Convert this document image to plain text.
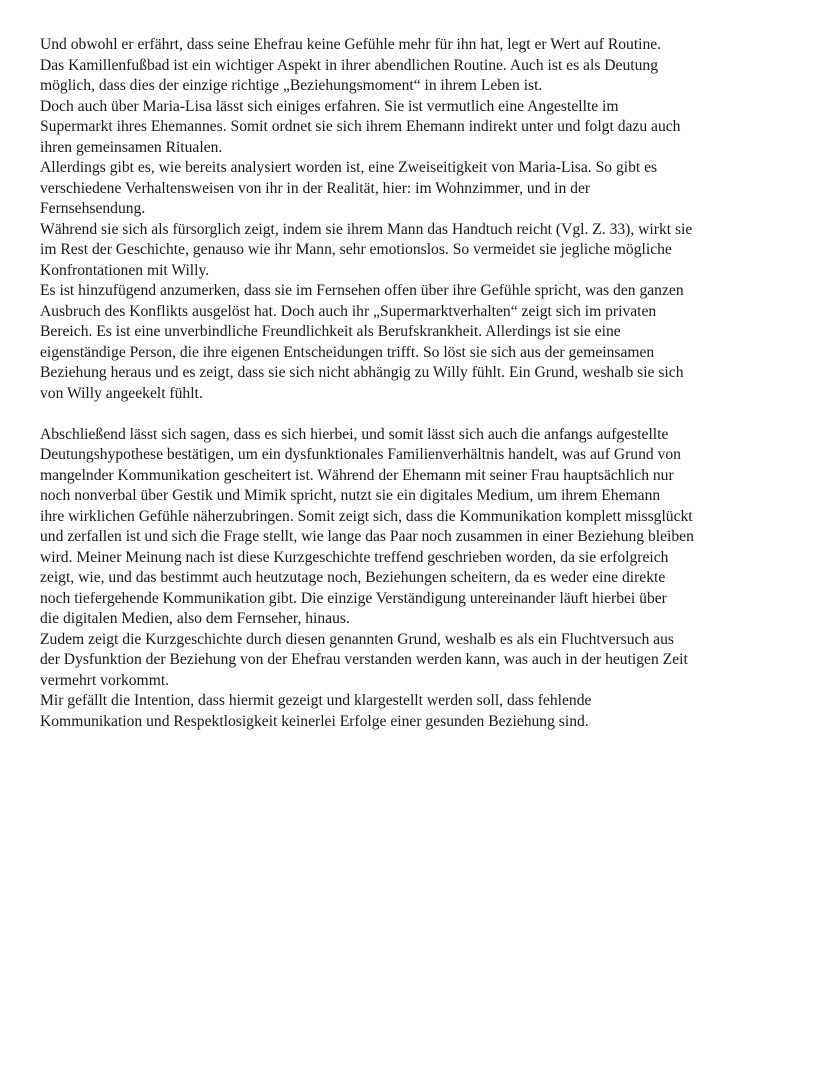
Und obwohl er erfährt, dass seine Ehefrau keine Gefühle mehr für ihn hat, legt er Wert auf Routine.
Das Kamillenfußbad ist ein wichtiger Aspekt in ihrer abendlichen Routine. Auch ist es als Deutung
möglich, dass dies der einzige richtige „Beziehungsmoment“ in ihrem Leben ist.
Doch auch über Maria-Lisa lässt sich einiges erfahren. Sie ist vermutlich eine Angestellte im
Supermarkt ihres Ehemannes. Somit ordnet sie sich ihrem Ehemann indirekt unter und folgt dazu auch
ihren gemeinsamen Ritualen.
Allerdings gibt es, wie bereits analysiert worden ist, eine Zweiseitigkeit von Maria-Lisa. So gibt es
verschiedene Verhaltensweisen von ihr in der Realität, hier: im Wohnzimmer, und in der
Fernsehsendung.
Während sie sich als fürsorglich zeigt, indem sie ihrem Mann das Handtuch reicht (Vgl. Z. 33), wirkt sie
im Rest der Geschichte, genauso wie ihr Mann, sehr emotionslos. So vermeidet sie jegliche mögliche
Konfrontationen mit Willy.
Es ist hinzufügend anzumerken, dass sie im Fernsehen offen über ihre Gefühle spricht, was den ganzen
Ausbruch des Konflikts ausgelöst hat. Doch auch ihr „Supermarktverhalten“ zeigt sich im privaten
Bereich. Es ist eine unverbindliche Freundlichkeit als Berufskrankheit. Allerdings ist sie eine
eigenständige Person, die ihre eigenen Entscheidungen trifft. So löst sie sich aus der gemeinsamen
Beziehung heraus und es zeigt, dass sie sich nicht abhängig zu Willy fühlt. Ein Grund, weshalb sie sich
von Willy angeekelt fühlt.
Abschließend lässt sich sagen, dass es sich hierbei, und somit lässt sich auch die anfangs aufgestellte
Deutungshypothese bestätigen, um ein dysfunktionales Familienverhältnis handelt, was auf Grund von
mangelnder Kommunikation gescheitert ist. Während der Ehemann mit seiner Frau hauptsächlich nur
noch nonverbal über Gestik und Mimik spricht, nutzt sie ein digitales Medium, um ihrem Ehemann
ihre wirklichen Gefühle näherzubringen. Somit zeigt sich, dass die Kommunikation komplett missglückt
und zerfallen ist und sich die Frage stellt, wie lange das Paar noch zusammen in einer Beziehung bleiben
wird. Meiner Meinung nach ist diese Kurzgeschichte treffend geschrieben worden, da sie erfolgreich
zeigt, wie, und das bestimmt auch heutzutage noch, Beziehungen scheitern, da es weder eine direkte
noch tiefergehende Kommunikation gibt. Die einzige Verständigung untereinander läuft hierbei über
die digitalen Medien, also dem Fernseher, hinaus.
Zudem zeigt die Kurzgeschichte durch diesen genannten Grund, weshalb es als ein Fluchtversuch aus
der Dysfunktion der Beziehung von der Ehefrau verstanden werden kann, was auch in der heutigen Zeit
vermehrt vorkommt.
Mir gefällt die Intention, dass hiermit gezeigt und klargestellt werden soll, dass fehlende
Kommunikation und Respektlosigkeit keinerlei Erfolge einer gesunden Beziehung sind.
